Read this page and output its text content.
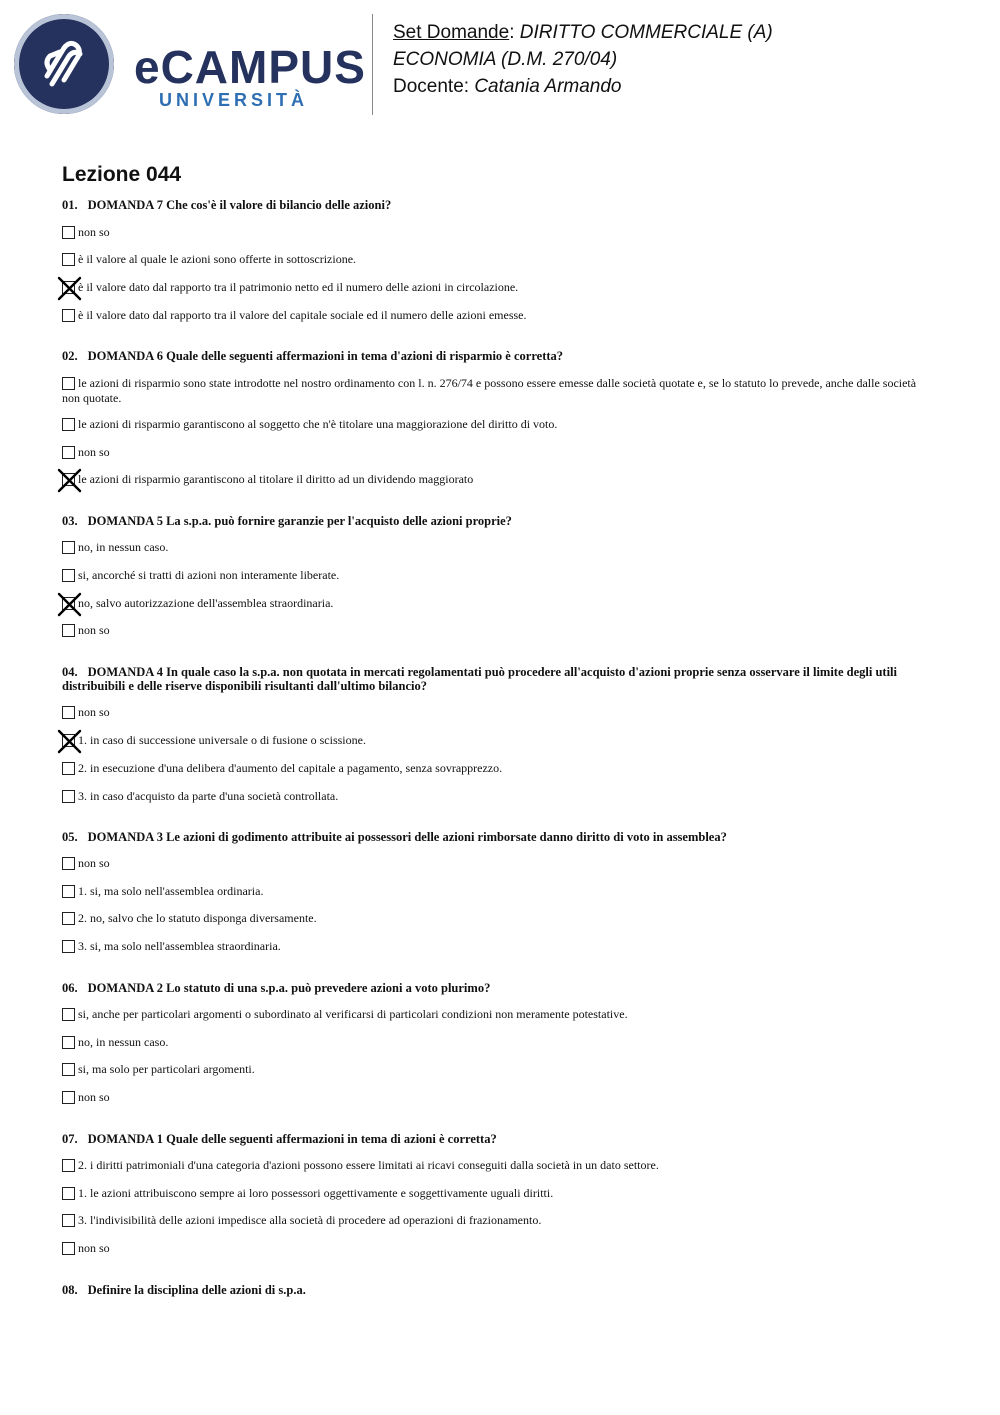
eCAMPUS
UNIVERSITÀ
Set Domande: DIRITTO COMMERCIALE (A)
ECONOMIA (D.M. 270/04)
Docente: Catania Armando
Lezione 044
01. DOMANDA 7 Che cos'è il valore di bilancio delle azioni?
non so
è il valore al quale le azioni sono offerte in sottoscrizione.
è il valore dato dal rapporto tra il patrimonio netto ed il numero delle azioni in circolazione.
è il valore dato dal rapporto tra il valore del capitale sociale ed il numero delle azioni emesse.
02. DOMANDA 6 Quale delle seguenti affermazioni in tema d'azioni di risparmio è corretta?
le azioni di risparmio sono state introdotte nel nostro ordinamento con l. n. 276/74 e possono essere emesse dalle società quotate e, se lo statuto lo prevede, anche dalle società non quotate.
le azioni di risparmio garantiscono al soggetto che n'è titolare una maggiorazione del diritto di voto.
non so
le azioni di risparmio garantiscono al titolare il diritto ad un dividendo maggiorato
03. DOMANDA 5 La s.p.a. può fornire garanzie per l'acquisto delle azioni proprie?
no, in nessun caso.
si, ancorché si tratti di azioni non interamente liberate.
no, salvo autorizzazione dell'assemblea straordinaria.
non so
04. DOMANDA 4 In quale caso la s.p.a. non quotata in mercati regolamentati può procedere all'acquisto d'azioni proprie senza osservare il limite degli utili distribuibili e delle riserve disponibili risultanti dall'ultimo bilancio?
non so
1. in caso di successione universale o di fusione o scissione.
2. in esecuzione d'una delibera d'aumento del capitale a pagamento, senza sovrapprezzo.
3. in caso d'acquisto da parte d'una società controllata.
05. DOMANDA 3 Le azioni di godimento attribuite ai possessori delle azioni rimborsate danno diritto di voto in assemblea?
non so
1. si, ma solo nell'assemblea ordinaria.
2. no, salvo che lo statuto disponga diversamente.
3. si, ma solo nell'assemblea straordinaria.
06. DOMANDA 2 Lo statuto di una s.p.a. può prevedere azioni a voto plurimo?
si, anche per particolari argomenti o subordinato al verificarsi di particolari condizioni non meramente potestative.
no, in nessun caso.
si, ma solo per particolari argomenti.
non so
07. DOMANDA 1 Quale delle seguenti affermazioni in tema di azioni è corretta?
2. i diritti patrimoniali d'una categoria d'azioni possono essere limitati ai ricavi conseguiti dalla società in un dato settore.
1. le azioni attribuiscono sempre ai loro possessori oggettivamente e soggettivamente uguali diritti.
3. l'indivisibilità delle azioni impedisce alla società di procedere ad operazioni di frazionamento.
non so
08. Definire la disciplina delle azioni di s.p.a.
